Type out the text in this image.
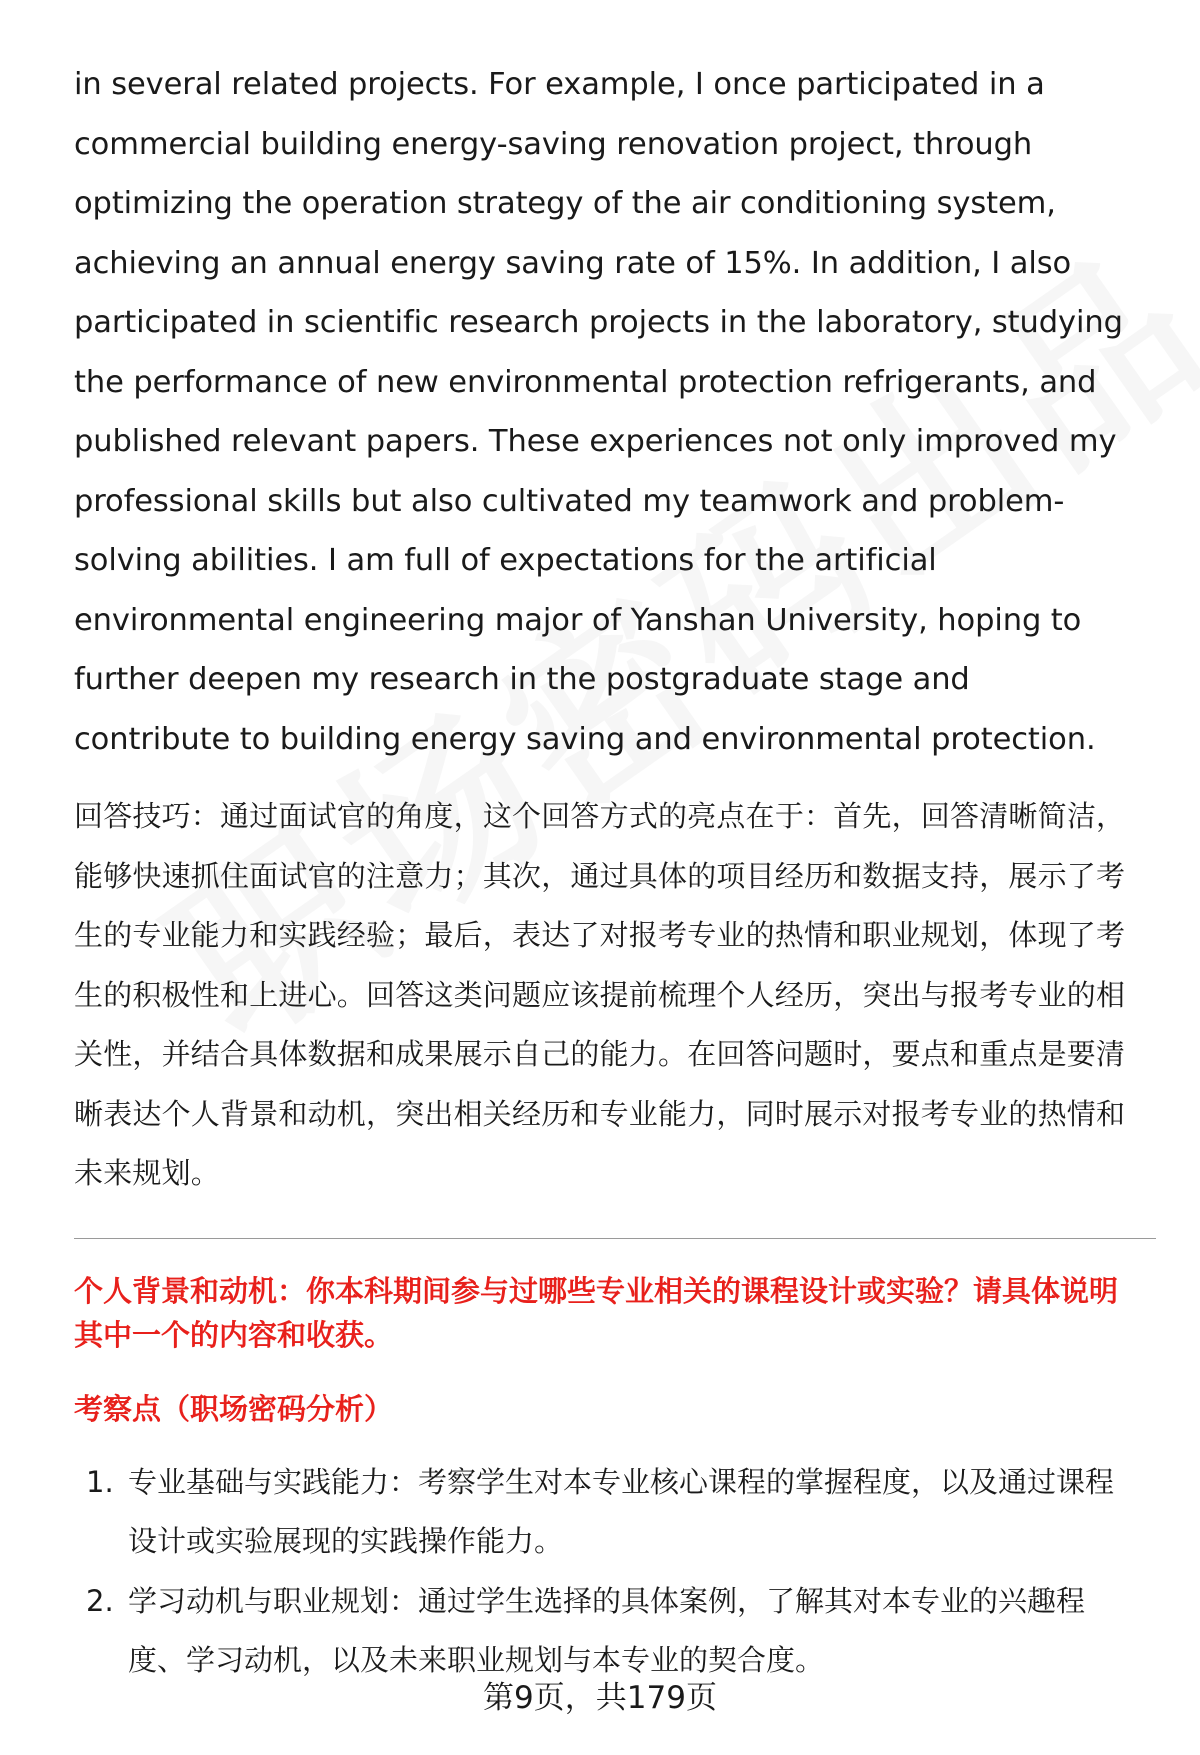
in several related projects. For example, I once participated in a commercial building energy-saving renovation project, through optimizing the operation strategy of the air conditioning system, achieving an annual energy saving rate of 15%. In addition, I also participated in scientific research projects in the laboratory, studying the performance of new environmental protection refrigerants, and published relevant papers. These experiences not only improved my professional skills but also cultivated my teamwork and problem-solving abilities. I am full of expectations for the artificial environmental engineering major of Yanshan University, hoping to further deepen my research in the postgraduate stage and contribute to building energy saving and environmental protection.

回答技巧：通过面试官的角度，这个回答方式的亮点在于：首先，回答清晰简洁，能够快速抓住面试官的注意力；其次，通过具体的项目经历和数据支持，展示了考生的专业能力和实践经验；最后，表达了对报考专业的热情和职业规划，体现了考生的积极性和上进心。回答这类问题应该提前梳理个人经历，突出与报考专业的相关性，并结合具体数据和成果展示自己的能力。在回答问题时，要点和重点是要清晰表达个人背景和动机，突出相关经历和专业能力，同时展示对报考专业的热情和未来规划。

个人背景和动机：你本科期间参与过哪些专业相关的课程设计或实验？请具体说明其中一个的内容和收获。

考察点（职场密码分析）

1. 专业基础与实践能力：考察学生对本专业核心课程的掌握程度，以及通过课程设计或实验展现的实践操作能力。
2. 学习动机与职业规划：通过学生选择的具体案例，了解其对本专业的兴趣程度、学习动机，以及未来职业规划与本专业的契合度。
第9页，共179页
